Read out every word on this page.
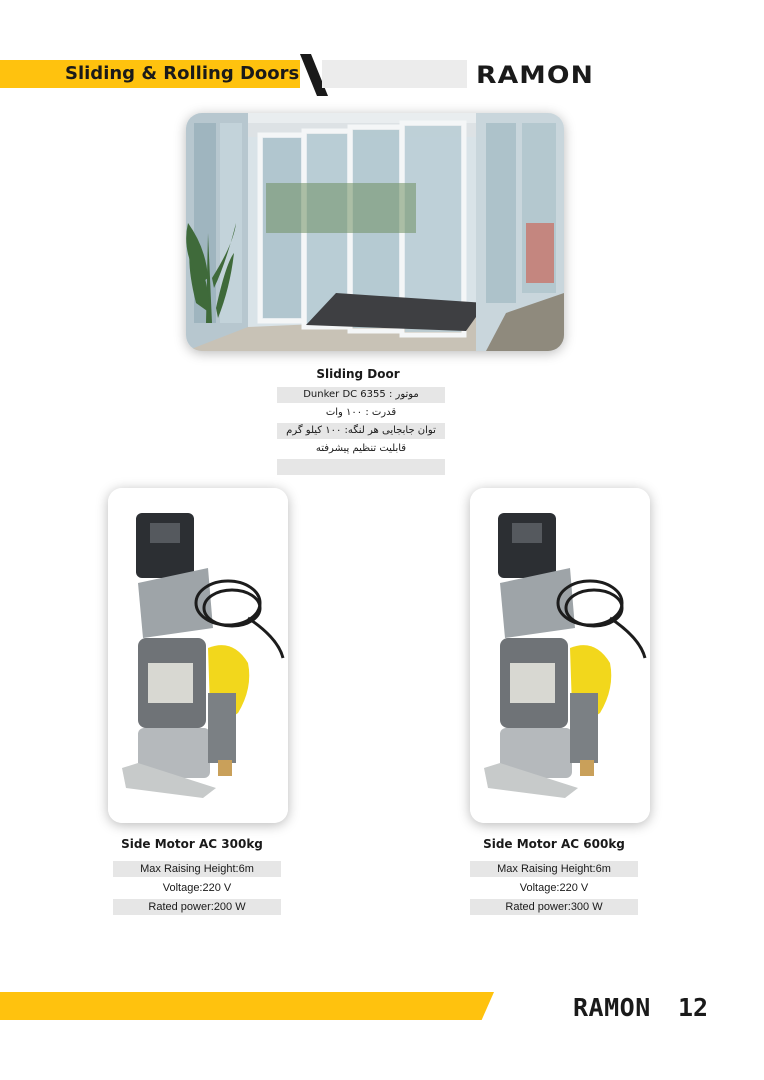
Sliding & Rolling Doors	RAMON
Sliding Door
موتور : Dunker DC 6355
قدرت : ۱۰۰ وات
توان جابجایی هر لنگه: ۱۰۰ کیلو گرم
قابلیت تنظیم پیشرفته
Side Motor AC 300kg
Max Raising Height:6m
Voltage:220 V
Rated power:200 W
Side Motor AC 600kg
Max Raising Height:6m
Voltage:220 V
Rated power:300 W
RAMON 12
